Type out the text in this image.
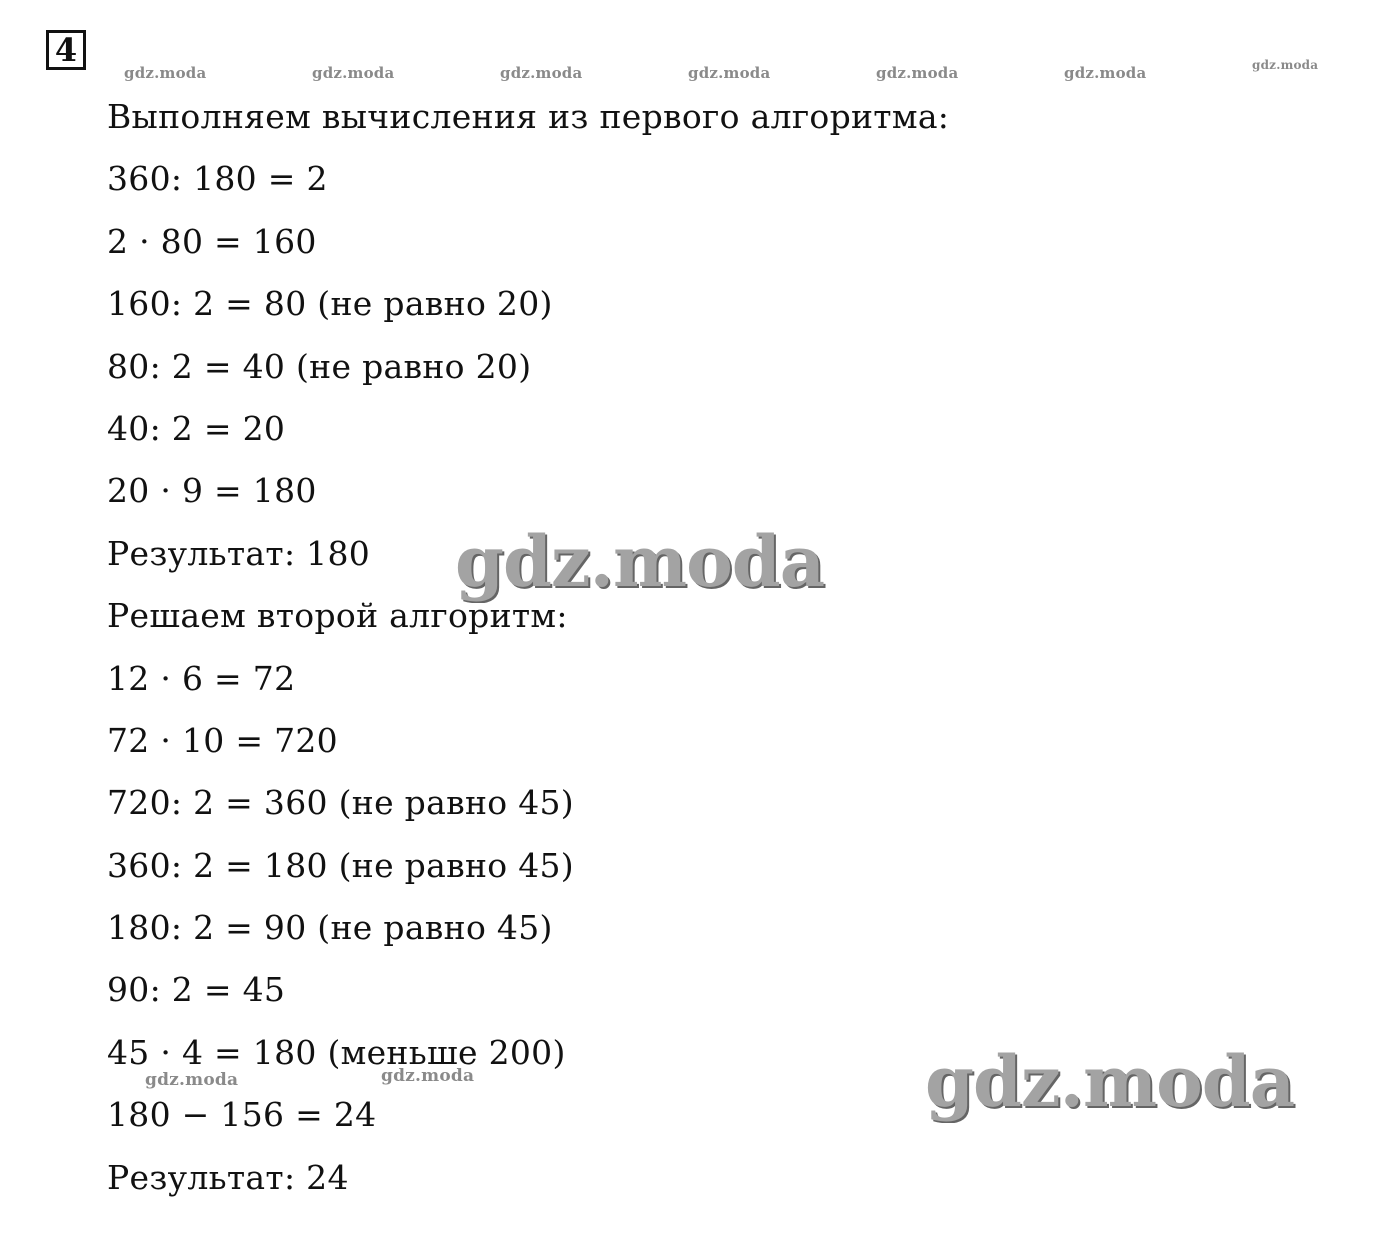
4
gdz.moda	gdz.moda	gdz.moda	gdz.moda	gdz.moda	gdz.moda	gdz.moda
Выполняем вычисления из первого алгоритма:
360: 180 = 2
2 · 80 = 160
160: 2 = 80 (не равно 20)
80: 2 = 40 (не равно 20)
40: 2 = 20
20 · 9 = 180
Результат: 180
Решаем второй алгоритм:
12 · 6 = 72
72 · 10 = 720
720: 2 = 360 (не равно 45)
360: 2 = 180 (не равно 45)
180: 2 = 90 (не равно 45)
90: 2 = 45
45 · 4 = 180 (меньше 200)
180 − 156 = 24
Результат: 24
gdz.moda
gdz.moda
gdz.moda	gdz.moda
